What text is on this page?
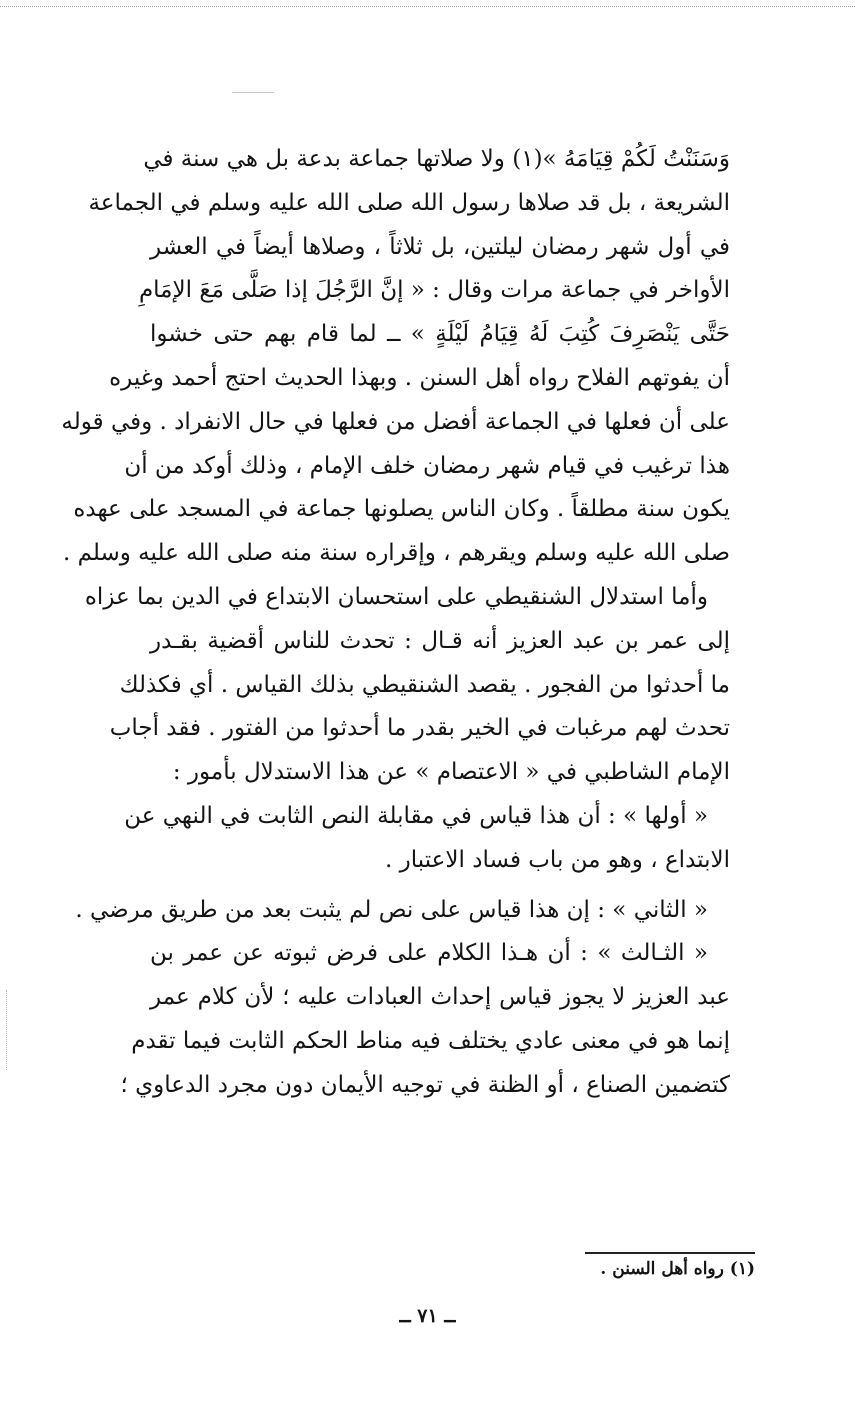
وَسَنَنْتُ لَكُمْ قِيَامَهُ »(١) ولا صلاتها جماعة بدعة بل هي سنة في
الشريعة ، بل قد صلاها رسول الله صلى الله عليه وسلم في الجماعة
في أول شهر رمضان ليلتين، بل ثلاثاً ، وصلاها أيضاً في العشر
الأواخر في جماعة مرات وقال : « إنَّ الرَّجُلَ إذا صَلَّى مَعَ الإمَامِ
حَتَّى يَنْصَرِفَ كُتِبَ لَهُ قِيَامُ لَيْلَةٍ » ــ لما قام بهم حتى خشوا
أن يفوتهم الفلاح رواه أهل السنن . وبهذا الحديث احتج أحمد وغيره
على أن فعلها في الجماعة أفضل من فعلها في حال الانفراد . وفي قوله
هذا ترغيب في قيام شهر رمضان خلف الإمام ، وذلك أوكد من أن
يكون سنة مطلقاً . وكان الناس يصلونها جماعة في المسجد على عهده
صلى الله عليه وسلم ويقرهم ، وإقراره سنة منه صلى الله عليه وسلم .
وأما استدلال الشنقيطي على استحسان الابتداع في الدين بما عزاه
إلى عمر بن عبد العزيز أنه قـال : تحدث للناس أقضية بقـدر
ما أحدثوا من الفجور . يقصد الشنقيطي بذلك القياس . أي فكذلك
تحدث لهم مرغبات في الخير بقدر ما أحدثوا من الفتور . فقد أجاب
الإمام الشاطبي في « الاعتصام » عن هذا الاستدلال بأمور :
« أولها » : أن هذا قياس في مقابلة النص الثابت في النهي عن
الابتداع ، وهو من باب فساد الاعتبار .
« الثاني » : إن هذا قياس على نص لم يثبت بعد من طريق مرضي .
« الثـالث » : أن هـذا الكلام على فرض ثبوته عن عمر بن
عبد العزيز لا يجوز قياس إحداث العبادات عليه ؛ لأن كلام عمر
إنما هو في معنى عادي يختلف فيه مناط الحكم الثابت فيما تقدم
كتضمين الصناع ، أو الظنة في توجيه الأيمان دون مجرد الدعاوي ؛
(١) رواه أهل السنن .
ــ ٧١ ــ
